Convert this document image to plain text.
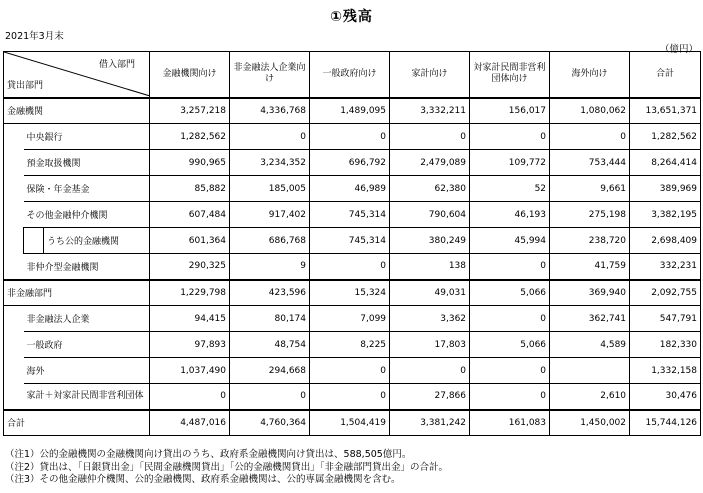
①残高
2021年3月末
（億円）
借入部門
貸出部門			金融機関向け	非金融法人企業向け	一般政府向け	家計向け	対家計民間非営利団体向け	海外向け	合計
金融機関			3,257,218	4,336,768	1,489,095	3,332,211	156,017	1,080,062	13,651,371
	中央銀行		1,282,562	0	0	0	0	0	1,282,562
	預金取扱機関		990,965	3,234,352	696,792	2,479,089	109,772	753,444	8,264,414
	保険・年金基金		85,882	185,005	46,989	62,380	52	9,661	389,969
	その他金融仲介機関		607,484	917,402	745,314	790,604	46,193	275,198	3,382,195
		うち公的金融機関	601,364	686,768	745,314	380,249	45,994	238,720	2,698,409
	非仲介型金融機関		290,325	9	0	138	0	41,759	332,231
非金融部門			1,229,798	423,596	15,324	49,031	5,066	369,940	2,092,755
	非金融法人企業		94,415	80,174	7,099	3,362	0	362,741	547,791
	一般政府		97,893	48,754	8,225	17,803	5,066	4,589	182,330
	海外		1,037,490	294,668	0	0	0		1,332,158
	家計＋対家計民間非営利団体		0	0	0	27,866	0	2,610	30,476
合計			4,487,016	4,760,364	1,504,419	3,381,242	161,083	1,450,002	15,744,126
（注1）公的金融機関の金融機関向け貸出のうち、政府系金融機関向け貸出は、588,505億円。
（注2）貸出は、「日銀貸出金」「民間金融機関貸出」「公的金融機関貸出」「非金融部門貸出金」の合計。
（注3）その他金融仲介機関、公的金融機関、政府系金融機関は、公的専属金融機関を含む。
